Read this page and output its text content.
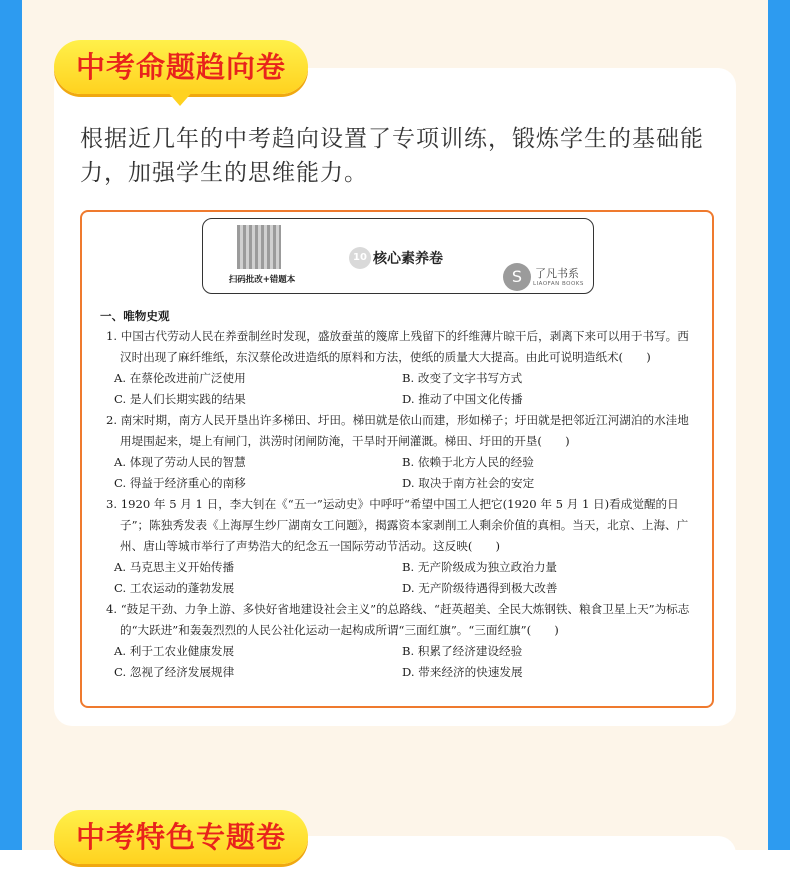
中考命题趋向卷
根据近几年的中考趋向设置了专项训练，锻炼学生的基础能力，加强学生的思维能力。
扫码批改+错题本
10 核心素养卷
S	了凡书系
LIAOFAN BOOKS
一、唯物史观
1. 中国古代劳动人民在养蚕制丝时发现，盛放蚕茧的篾席上残留下的纤维薄片晾干后，剥离下来可以用于书写。西汉时出现了麻纤维纸，东汉蔡伦改进造纸的原料和方法，使纸的质量大大提高。由此可说明造纸术(　　)
A. 在蔡伦改进前广泛使用	B. 改变了文字书写方式
C. 是人们长期实践的结果	D. 推动了中国文化传播
2. 南宋时期，南方人民开垦出许多梯田、圩田。梯田就是依山而建，形如梯子；圩田就是把邻近江河湖泊的水洼地用堤围起来，堤上有闸门，洪涝时闭闸防淹，干旱时开闸灌溉。梯田、圩田的开垦(　　)
A. 体现了劳动人民的智慧	B. 依赖于北方人民的经验
C. 得益于经济重心的南移	D. 取决于南方社会的安定
3. 1920 年 5 月 1 日，李大钊在《“五一”运动史》中呼吁“希望中国工人把它(1920 年 5 月 1 日)看成觉醒的日子”；陈独秀发表《上海厚生纱厂湖南女工问题》，揭露资本家剥削工人剩余价值的真相。当天，北京、上海、广州、唐山等城市举行了声势浩大的纪念五一国际劳动节活动。这反映(　　)
A. 马克思主义开始传播	B. 无产阶级成为独立政治力量
C. 工农运动的蓬勃发展	D. 无产阶级待遇得到极大改善
4. “鼓足干劲、力争上游、多快好省地建设社会主义”的总路线、“赶英超美、全民大炼钢铁、粮食卫星上天”为标志的“大跃进”和轰轰烈烈的人民公社化运动一起构成所谓“三面红旗”。“三面红旗”(　　)
A. 利于工农业健康发展	B. 积累了经济建设经验
C. 忽视了经济发展规律	D. 带来经济的快速发展
中考特色专题卷
